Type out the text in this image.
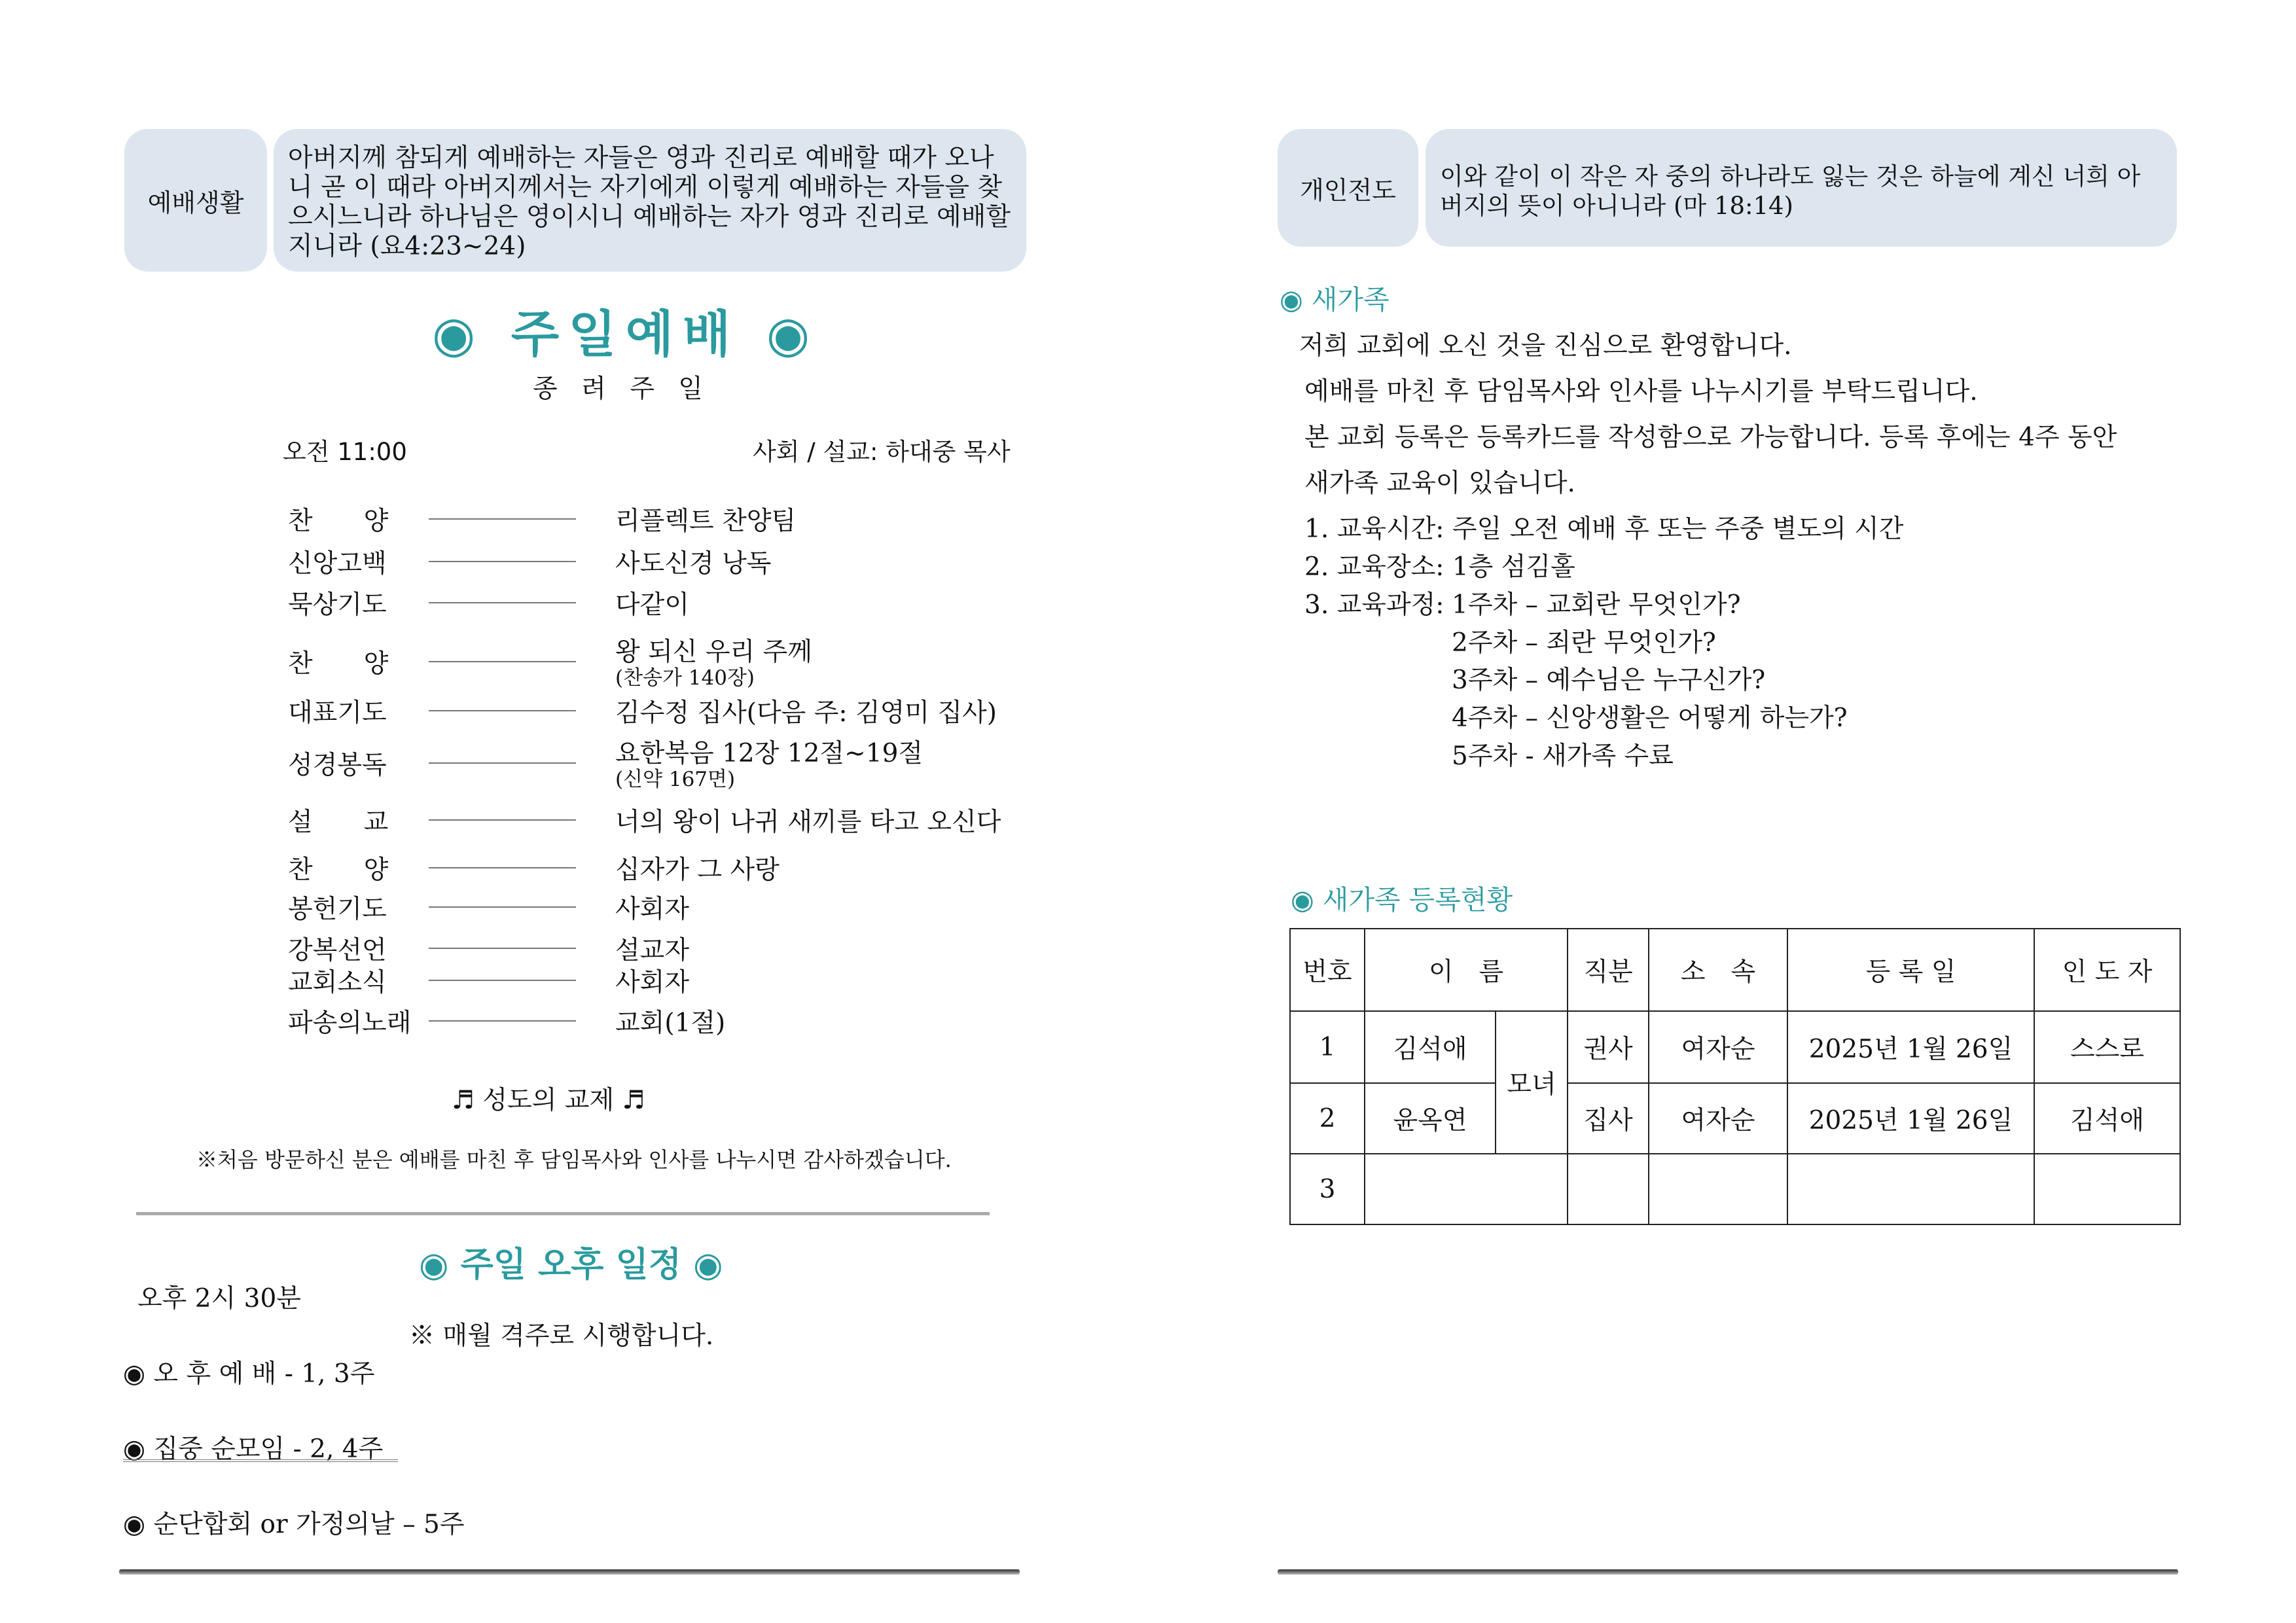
예배생활
아버지께 참되게 예배하는 자들은 영과 진리로 예배할 때가 오나니 곧 이 때라 아버지께서는 자기에게 이렇게 예배하는 자들을 찾으시느니라 하나님은 영이시니 예배하는 자가 영과 진리로 예배할지니라 (요4:23~24)
◉ 주일예배 ◉
종 려 주 일
오전 11:00	사회 / 설교: 하대중 목사
찬　　양	리플렉트 찬양팀
신앙고백	사도신경 낭독
묵상기도	다같이
찬　　양	왕 되신 우리 주께
(찬송가 140장)
대표기도	김수정 집사(다음 주: 김영미 집사)
성경봉독	요한복음 12장 12절~19절
(신약 167면)
설　　교	너의 왕이 나귀 새끼를 타고 오신다
찬　　양	십자가 그 사랑
봉헌기도	사회자
강복선언	설교자
교회소식	사회자
파송의노래	교회(1절)
♬ 성도의 교제 ♬
※처음 방문하신 분은 예배를 마친 후 담임목사와 인사를 나누시면 감사하겠습니다.
◉ 주일 오후 일정 ◉
오후 2시 30분
※ 매월 격주로 시행합니다.
◉ 오 후 예 배 - 1, 3주
◉ 집중 순모임 - 2, 4주
◉ 순단합회 or 가정의날 – 5주
개인전도	이와 같이 이 작은 자 중의 하나라도 잃는 것은 하늘에 계신 너희 아버지의 뜻이 아니니라 (마 18:14)
◉ 새가족
저희 교회에 오신 것을 진심으로 환영합니다.
예배를 마친 후 담임목사와 인사를 나누시기를 부탁드립니다.
본 교회 등록은 등록카드를 작성함으로 가능합니다. 등록 후에는 4주 동안
새가족 교육이 있습니다.
1. 교육시간: 주일 오전 예배 후 또는 주중 별도의 시간
2. 교육장소: 1층 섬김홀
3. 교육과정: 1주차 – 교회란 무엇인가?
2주차 – 죄란 무엇인가?
3주차 – 예수님은 누구신가?
4주차 – 신앙생활은 어떻게 하는가?
5주차 - 새가족 수료
◉ 새가족 등록현황
번호	이　름		직분	소　속	등 록 일	인 도 자
1	김석애	모녀	권사	여자순	2025년 1월 26일	스스로
2	윤옥연		집사	여자순	2025년 1월 26일	김석애
3						
